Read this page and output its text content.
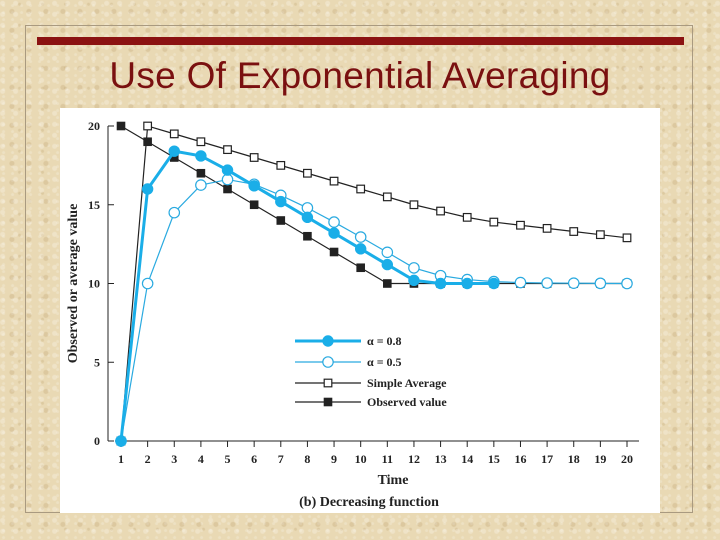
Use Of Exponential Averaging
0
5
10
15
20
1 2 3 4 5 6 7 8 9 10 11 12 13 14 15 16 17 18 19 20
α = 0.8
α = 0.5
Simple Average
Observed value
Observed or average value
Time
(b) Decreasing function
